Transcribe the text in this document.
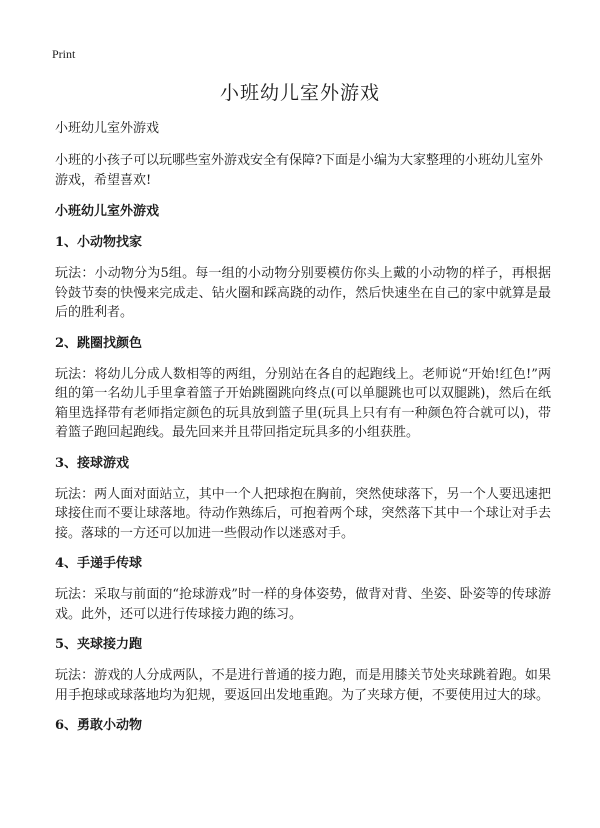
Print
小班幼儿室外游戏

小班幼儿室外游戏

小班的小孩子可以玩哪些室外游戏安全有保障?下面是小编为大家整理的小班幼儿室外游戏，希望喜欢!

小班幼儿室外游戏

1、小动物找家

玩法：小动物分为5组。每一组的小动物分别要模仿你头上戴的小动物的样子，再根据铃鼓节奏的快慢来完成走、钻火圈和踩高跷的动作，然后快速坐在自己的家中就算是最后的胜利者。

2、跳圈找颜色

玩法：将幼儿分成人数相等的两组，分别站在各自的起跑线上。老师说“开始!红色!”两组的第一名幼儿手里拿着篮子开始跳圈跳向终点(可以单腿跳也可以双腿跳)，然后在纸箱里选择带有老师指定颜色的玩具放到篮子里(玩具上只有有一种颜色符合就可以)，带着篮子跑回起跑线。最先回来并且带回指定玩具多的小组获胜。

3、接球游戏

玩法：两人面对面站立，其中一个人把球抱在胸前，突然使球落下，另一个人要迅速把球接住而不要让球落地。待动作熟练后，可抱着两个球，突然落下其中一个球让对手去接。落球的一方还可以加进一些假动作以迷惑对手。

4、手递手传球

玩法：采取与前面的“抢球游戏”时一样的身体姿势，做背对背、坐姿、卧姿等的传球游戏。此外，还可以进行传球接力跑的练习。

5、夹球接力跑

玩法：游戏的人分成两队，不是进行普通的接力跑，而是用膝关节处夹球跳着跑。如果用手抱球或球落地均为犯规，要返回出发地重跑。为了夹球方便，不要使用过大的球。

6、勇敢小动物
